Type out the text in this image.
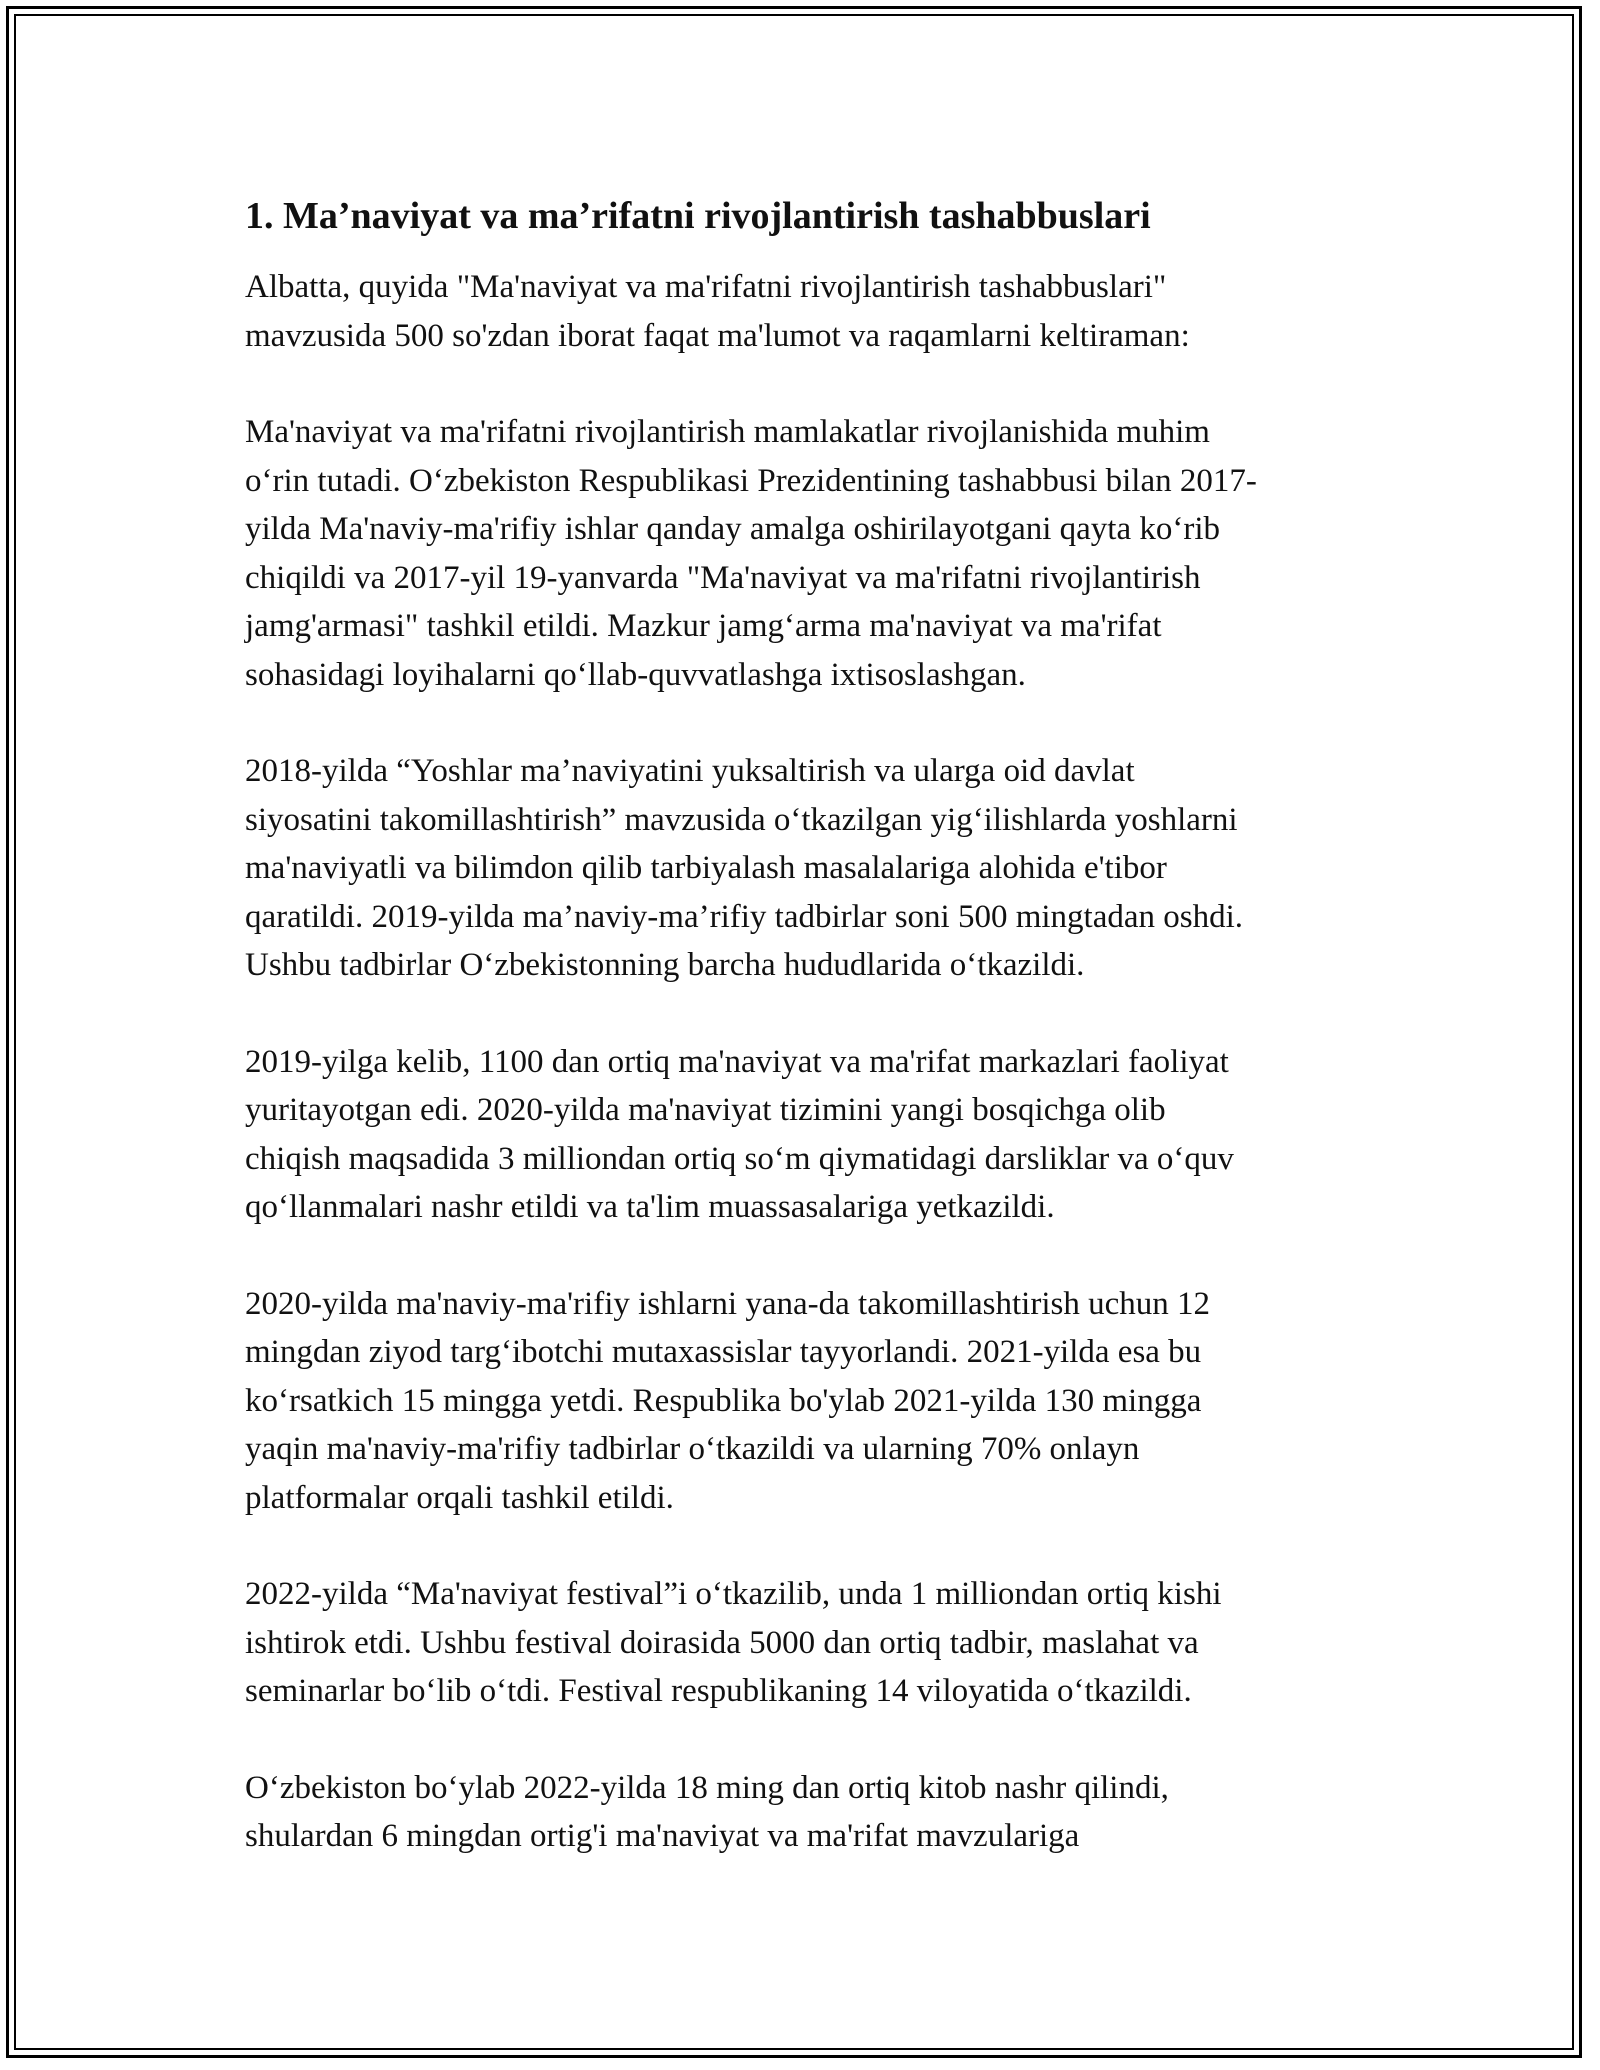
1. Ma’naviyat va ma’rifatni rivojlantirish tashabbuslari

Albatta, quyida "Ma'naviyat va ma'rifatni rivojlantirish tashabbuslari"
mavzusida 500 so'zdan iborat faqat ma'lumot va raqamlarni keltiraman:

Ma'naviyat va ma'rifatni rivojlantirish mamlakatlar rivojlanishida muhim
o‘rin tutadi. O‘zbekiston Respublikasi Prezidentining tashabbusi bilan 2017-
yilda Ma'naviy-ma'rifiy ishlar qanday amalga oshirilayotgani qayta ko‘rib
chiqildi va 2017-yil 19-yanvarda "Ma'naviyat va ma'rifatni rivojlantirish
jamg'armasi" tashkil etildi. Mazkur jamg‘arma ma'naviyat va ma'rifat
sohasidagi loyihalarni qo‘llab-quvvatlashga ixtisoslashgan.

2018-yilda “Yoshlar ma’naviyatini yuksaltirish va ularga oid davlat
siyosatini takomillashtirish” mavzusida o‘tkazilgan yig‘ilishlarda yoshlarni
ma'naviyatli va bilimdon qilib tarbiyalash masalalariga alohida e'tibor
qaratildi. 2019-yilda ma’naviy-ma’rifiy tadbirlar soni 500 mingtadan oshdi.
Ushbu tadbirlar O‘zbekistonning barcha hududlarida o‘tkazildi.

2019-yilga kelib, 1100 dan ortiq ma'naviyat va ma'rifat markazlari faoliyat
yuritayotgan edi. 2020-yilda ma'naviyat tizimini yangi bosqichga olib
chiqish maqsadida 3 milliondan ortiq so‘m qiymatidagi darsliklar va o‘quv
qo‘llanmalari nashr etildi va ta'lim muassasalariga yetkazildi.

2020-yilda ma'naviy-ma'rifiy ishlarni yana-da takomillashtirish uchun 12
mingdan ziyod targ‘ibotchi mutaxassislar tayyorlandi. 2021-yilda esa bu
ko‘rsatkich 15 mingga yetdi. Respublika bo'ylab 2021-yilda 130 mingga
yaqin ma'naviy-ma'rifiy tadbirlar o‘tkazildi va ularning 70% onlayn
platformalar orqali tashkil etildi.

2022-yilda “Ma'naviyat festival”i o‘tkazilib, unda 1 milliondan ortiq kishi
ishtirok etdi. Ushbu festival doirasida 5000 dan ortiq tadbir, maslahat va
seminarlar bo‘lib o‘tdi. Festival respublikaning 14 viloyatida o‘tkazildi.

O‘zbekiston bo‘ylab 2022-yilda 18 ming dan ortiq kitob nashr qilindi,
shulardan 6 mingdan ortig'i ma'naviyat va ma'rifat mavzulariga
